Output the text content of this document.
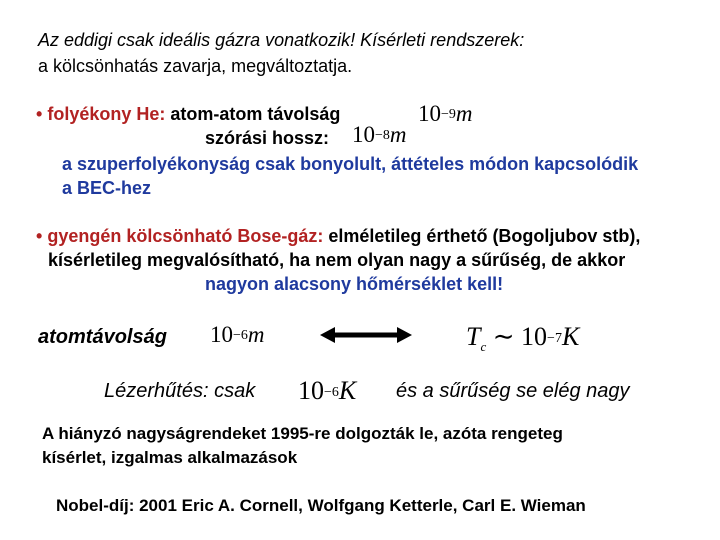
Az eddigi csak ideális gázra vonatkozik! Kísérleti rendszerek:
a kölcsönhatás zavarja, megváltoztatja.
• folyékony He: atom-atom távolság	$10^{-9}m$
szórási hossz: $10^{-8}m$
a szuperfolyékonyság csak bonyolult, áttételes módon kapcsolódik
a BEC-hez
• gyengén kölcsönható Bose-gáz: elméletileg érthető (Bogoljubov stb),
kísérletileg megvalósítható, ha nem olyan nagy a sűrűség, de akkor
nagyon alacsony hőmérséklet kell!
atomtávolság $10^{-6}m$	$T_c$ ∼ $10^{-7}K$
Lézerhűtés: csak $10^{-6}K$ és a sűrűség se elég nagy
A hiányzó nagyságrendeket 1995-re dolgozták le, azóta rengeteg
kísérlet, izgalmas alkalmazások
Nobel-díj: 2001 Eric A. Cornell, Wolfgang Ketterle, Carl E. Wieman
